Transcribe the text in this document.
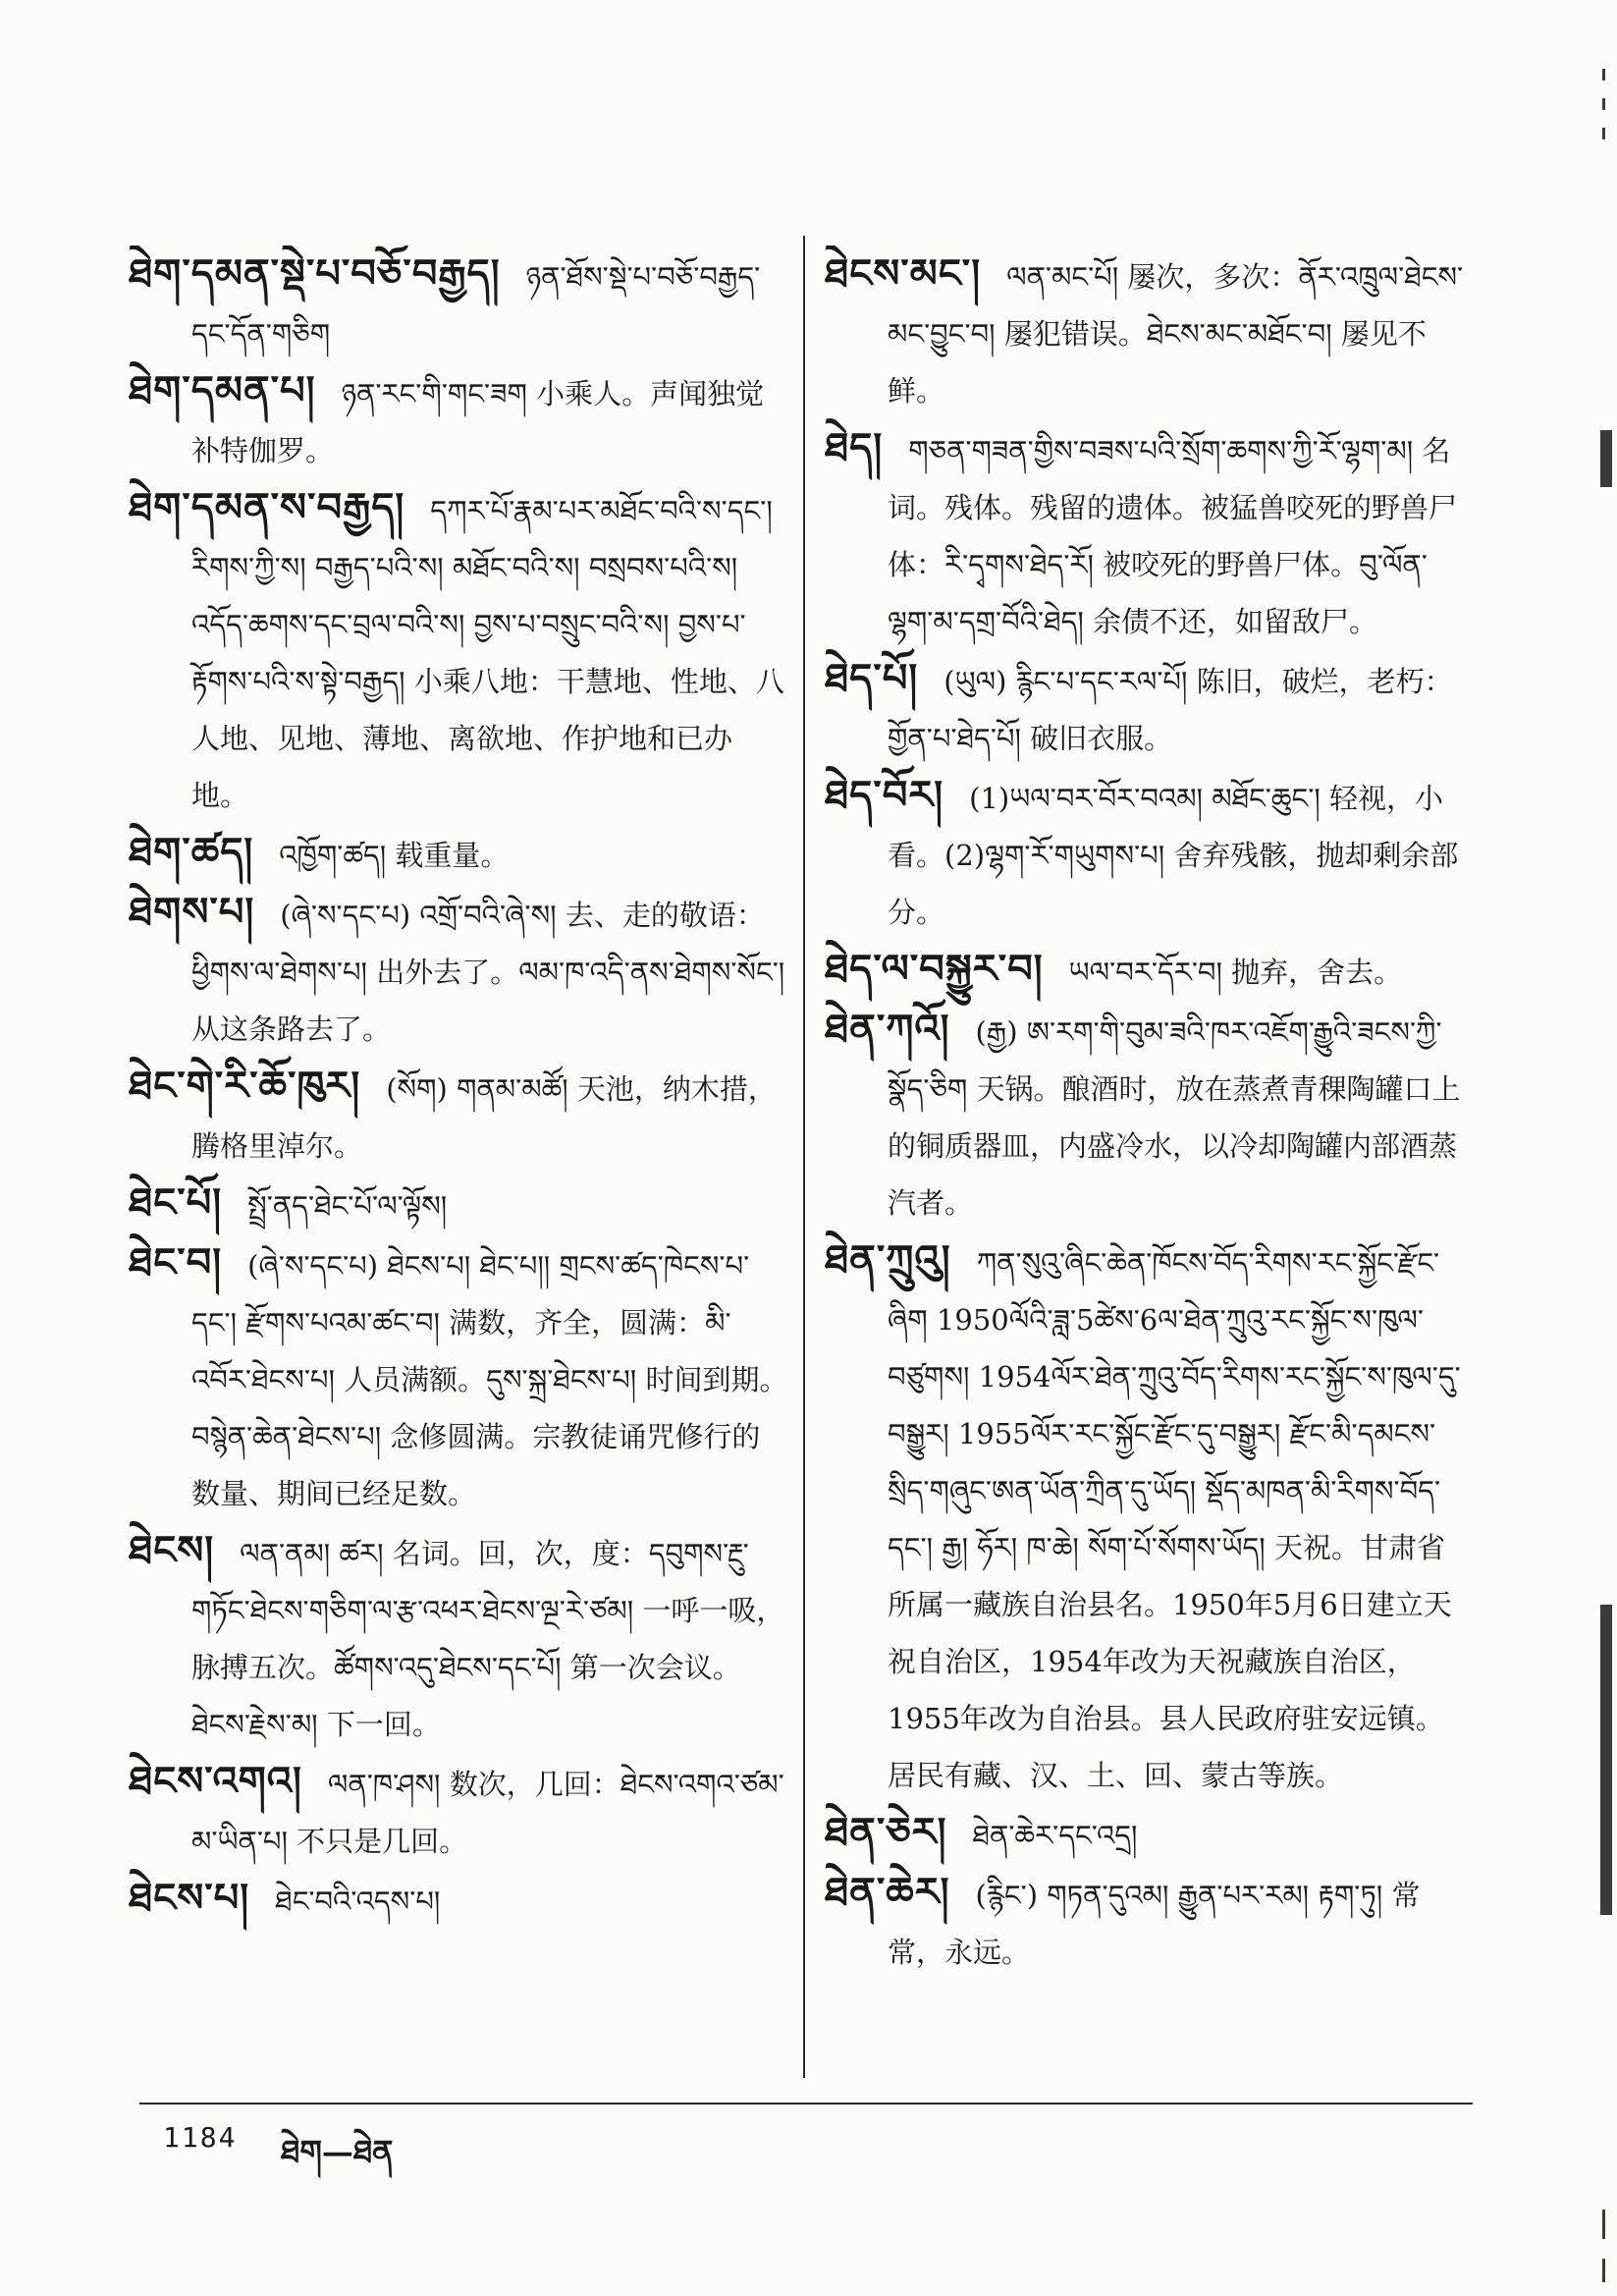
ཐེག་དམན་སྡེ་པ་བཅོ་བརྒྱད། ཉན་ཐོས་སྡེ་པ་བཅོ་བརྒྱད་དང་དོན་གཅིག
ཐེག་དམན་པ། ཉན་རང་གི་གང་ཟག 小乘人。声闻独觉补特伽罗。
ཐེག་དམན་ས་བརྒྱད། དཀར་པོ་རྣམ་པར་མཐོང་བའི་ས་དང་། རིགས་ཀྱི་ས། བརྒྱད་པའི་ས། མཐོང་བའི་ས། བསྲབས་པའི་ས། འདོད་ཆགས་དང་བྲལ་བའི་ས། བྱས་པ་བསྲུང་བའི་ས། བྱས་པ་རྟོགས་པའི་ས་སྟེ་བརྒྱད། 小乘八地：干慧地、性地、八人地、见地、薄地、离欲地、作护地和已办地。
ཐེག་ཚད། འཁྱོག་ཚད། 载重量。
ཐེགས་པ། (ཞེ་ས་དང་པ) འགྲོ་བའི་ཞེ་ས། 去、走的敬语：ཕྱིགས་ལ་ཐེགས་པ། 出外去了。ལམ་ཁ་འདི་ནས་ཐེགས་སོང་། 从这条路去了。
ཐེང་གེ་རི་ཆོ་ཁུར། (སོག) གནམ་མཚོ། 天池，纳木措，腾格里淖尔。
ཐེང་པོ། སྤྲོ་ནད་ཐེང་པོ་ལ་ལྟོས།
ཐེང་བ། (ཞེ་ས་དང་པ) ཐེངས་པ། ཐེང་པ།། གྲངས་ཚད་ཁེངས་པ་དང་། རྫོགས་པའམ་ཚང་བ། 满数，齐全，圆满：མི་འབོར་ཐེངས་པ། 人员满额。དུས་སྐྲ་ཐེངས་པ། 时间到期。བསྙེན་ཆེན་ཐེངས་པ། 念修圆满。宗教徒诵咒修行的数量、期间已经足数。
ཐེངས། ལན་ནམ། ཚར། 名词。回，次，度：དབུགས་རྔུ་གཏོང་ཐེངས་གཅིག་ལ་རྩ་འཕར་ཐེངས་ལྔ་རེ་ཙམ། 一呼一吸，脉搏五次。ཚོགས་འདུ་ཐེངས་དང་པོ། 第一次会议。ཐེངས་རྗེས་མ། 下一回。
ཐེངས་འགའ། ལན་ཁ་ཤས། 数次，几回：ཐེངས་འགའ་ཙམ་མ་ཡིན་པ། 不只是几回。
ཐེངས་པ། ཐེང་བའི་འདས་པ།
ཐེངས་མང་། ལན་མང་པོ། 屡次，多次：ནོར་འཁྲུལ་ཐེངས་མང་བྱུང་བ། 屡犯错误。ཐེངས་མང་མཐོང་བ། 屡见不鲜。
ཐེད། གཅན་གཟན་གྱིས་བཟས་པའི་སྲོག་ཆགས་ཀྱི་རོ་ལྷག་མ། 名词。残体。残留的遗体。被猛兽咬死的野兽尸体：རི་དྭགས་ཐེད་རོ། 被咬死的野兽尸体。བུ་ལོན་ལྷག་མ་དགྲ་བོའི་ཐེད། 余债不还，如留敌尸。
ཐེད་པོ། (ཡུལ) རྙིང་པ་དང་རལ་པོ། 陈旧，破烂，老朽：གྱོན་པ་ཐེད་པོ། 破旧衣服。
ཐེད་བོར། (1)ཡལ་བར་བོར་བའམ། མཐོང་ཆུང་། 轻视，小看。(2)ལྷག་རོ་གཡུགས་པ། 舍弃残骸，抛却剩余部分。
ཐེད་ལ་བསྐྱུར་བ། ཡལ་བར་དོར་བ། 抛弃，舍去。
ཐེན་ཀའོ། (རྒྱ) ཨ་རག་གི་བུམ་ཟའི་ཁར་འཇོག་རྒྱུའི་ཟངས་ཀྱི་སྣོད་ཅིག 天锅。酿酒时，放在蒸煮青稞陶罐口上的铜质器皿，内盛冷水，以冷却陶罐内部酒蒸汽者。
ཐེན་ཀྲུའུ། ཀན་སུའུ་ཞིང་ཆེན་ཁོངས་བོད་རིགས་རང་སྐྱོང་རྫོང་ཞིག 1950ལོའི་ཟླ་5ཚེས་6ལ་ཐེན་ཀྲུའུ་རང་སྐྱོང་ས་ཁུལ་བཙུགས། 1954ལོར་ཐེན་ཀྲུའུ་བོད་རིགས་རང་སྐྱོང་ས་ཁུལ་དུ་བསྒྱུར། 1955ལོར་རང་སྐྱོང་རྫོང་དུ་བསྒྱུར། རྫོང་མི་དམངས་སྲིད་གཞུང་ཨན་ཡོན་ཀྲིན་དུ་ཡོད། སྡོད་མཁན་མི་རིགས་བོད་དང་། རྒྱ། ཧོར། ཁ་ཆེ། སོག་པོ་སོགས་ཡོད། 天祝。甘肃省所属一藏族自治县名。1950年5月6日建立天祝自治区，1954年改为天祝藏族自治区，1955年改为自治县。县人民政府驻安远镇。居民有藏、汉、土、回、蒙古等族。
ཐེན་ཅེར། ཐེན་ཆེར་དང་འདྲ།
ཐེན་ཆེར། (རྙིང་) གཏན་དུའམ། རྒྱུན་པར་རམ། རྟག་ཏུ། 常常，永远。
1184 ཐེག—ཐེན
